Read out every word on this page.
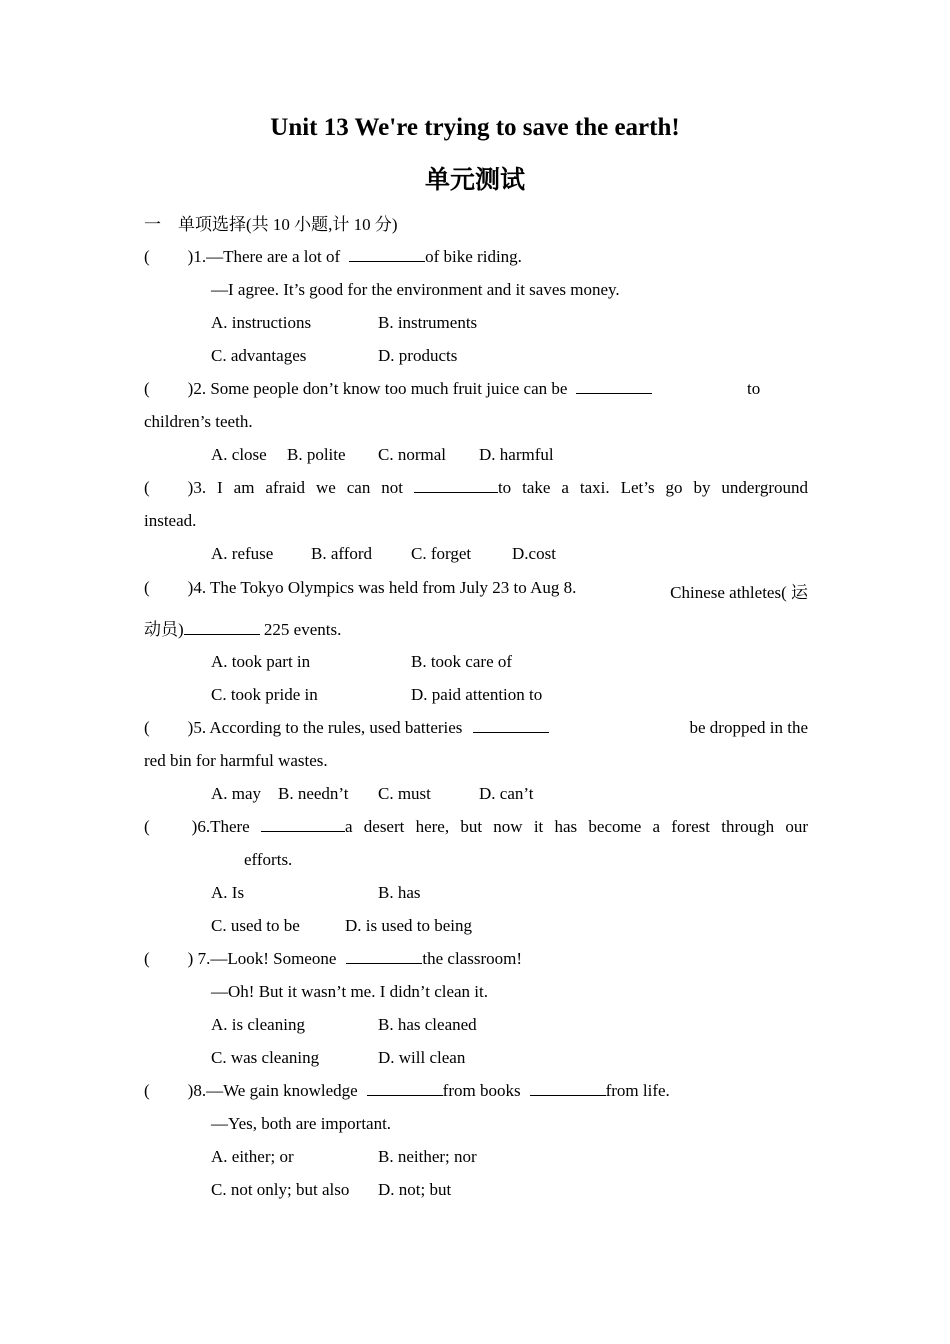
Unit 13 We're trying to save the earth!
单元测试
一　单项选择(共 10 小题,计 10 分)
( )1.—There are a lot of	of bike riding.
—I agree. It’s good for the environment and it saves money.
A. instructions	B. instruments
C. advantages	D. products
( )2. Some people don’t know too much fruit juice can be	to
children’s teeth.
A. close B. polite C. normal D. harmful
( )3. I am afraid we can not	to take a taxi. Let’s go by underground
instead.
A. refuse B. afford C. forget D.cost
( )4. The Tokyo Olympics was held from July 23 to Aug 8.	Chinese athletes( 运
动员)	225 events.
A. took part in	B. took care of
C. took pride in	D. paid attention to
( )5. According to the rules, used batteries	be dropped in the
red bin for harmful wastes.
A. may B. needn’t C. must	D. can’t
( )6.There	a desert here, but now it has become a forest through our
efforts.
A. Is	B. has
C. used to be	D. is used to being
( ) 7.—Look! Someone	the classroom!
—Oh! But it wasn’t me. I didn’t clean it.
A. is cleaning	B. has cleaned
C. was cleaning	D. will clean
( )8.—We gain knowledge	from books	from life.
—Yes, both are important.
A. either; or	B. neither; nor
C. not only; but also D. not; but
